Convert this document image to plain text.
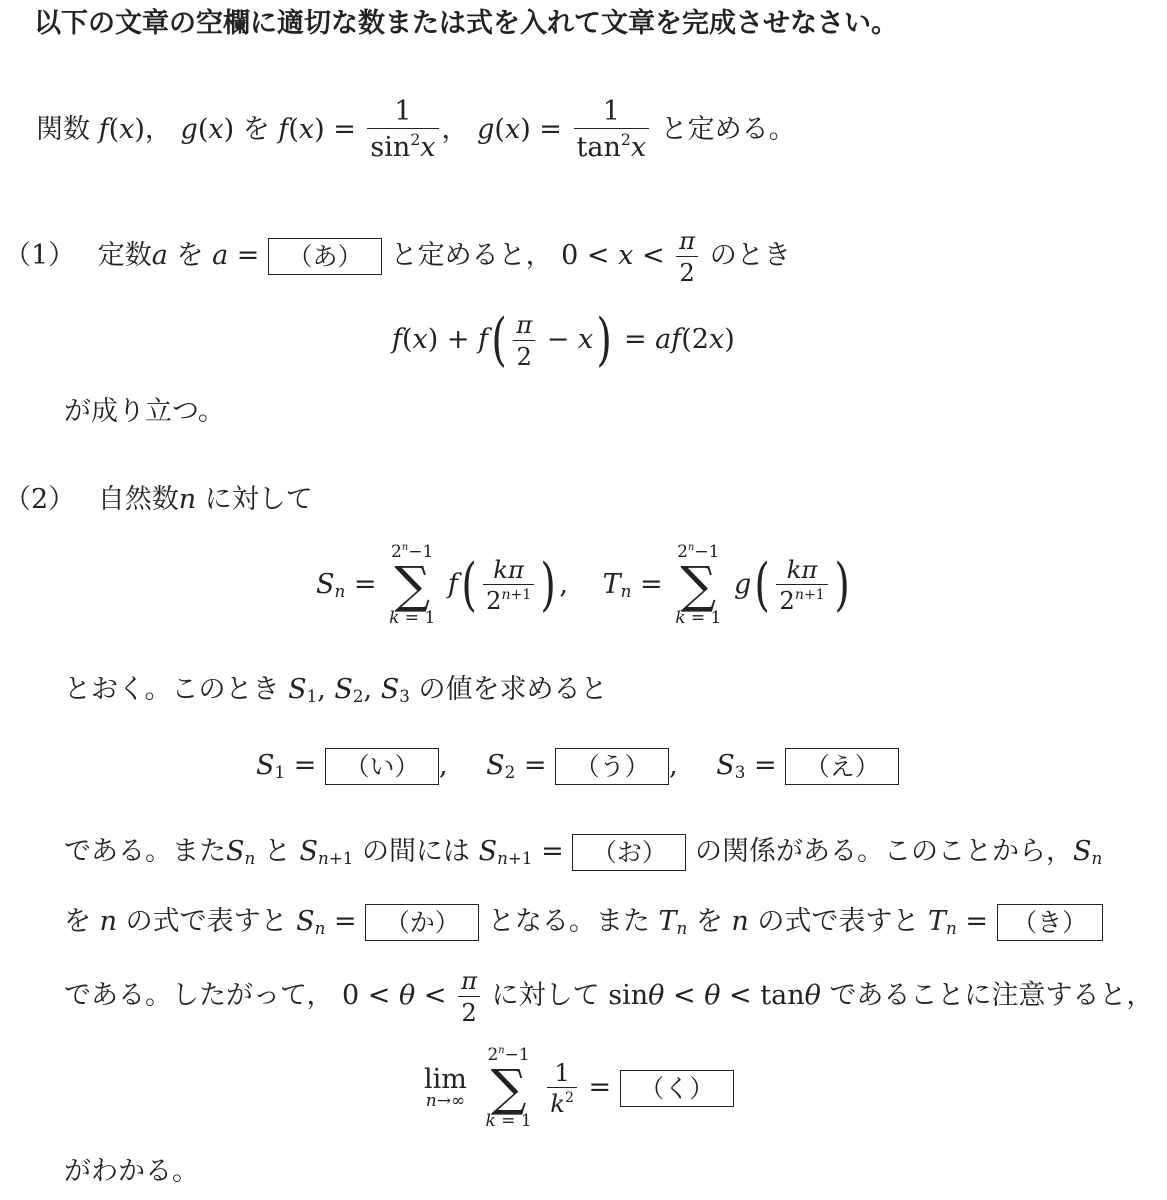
以下の文章の空欄に適切な数または式を入れて文章を完成させなさい。
関数 f(x)， g(x) を $f(x) = \frac{1}{\sin^2x}$ ， $g(x) = \frac{1}{\tan^2x}$ と定める。
（1） 定数a を a = （あ） と定めると， $0 < x < \frac{\pi}{2}$ のとき
$f(x) + f( \frac{\pi}{2} - x) = af(2x)$
が成り立つ。
（2） 自然数n に対して
$S_n$ =
$2^n-1$
∑
k = 1
$f( \frac{k\pi}{2^{n+1}}$ ) , $T_n$ =
$2^n-1$
∑
k = 1
$g( \frac{k\pi}{2^{n+1}}$ )
とおく。このとき $S_1$, $S_2$, $S_3$ の値を求めると
$S_1$ = （い） , $S_2$ = （う） , $S_3$ = （え）
である。また$S_n$ と $S_{n+1}$ の間には $S_{n+1}$ = （お） の関係がある。このことから，$S_n$
を n の式で表すと $S_n$ = （か） となる。また $T_n$ を n の式で表すと $T_n$ = （き）
である。したがって， $0 < \theta < \frac{\pi}{2}$ に対して sinθ < θ < tanθ であることに注意すると，
lim
n→∞

$2^n-1$
∑
k = 1

$\frac{1}{k^2}$ = （く）
がわかる。
